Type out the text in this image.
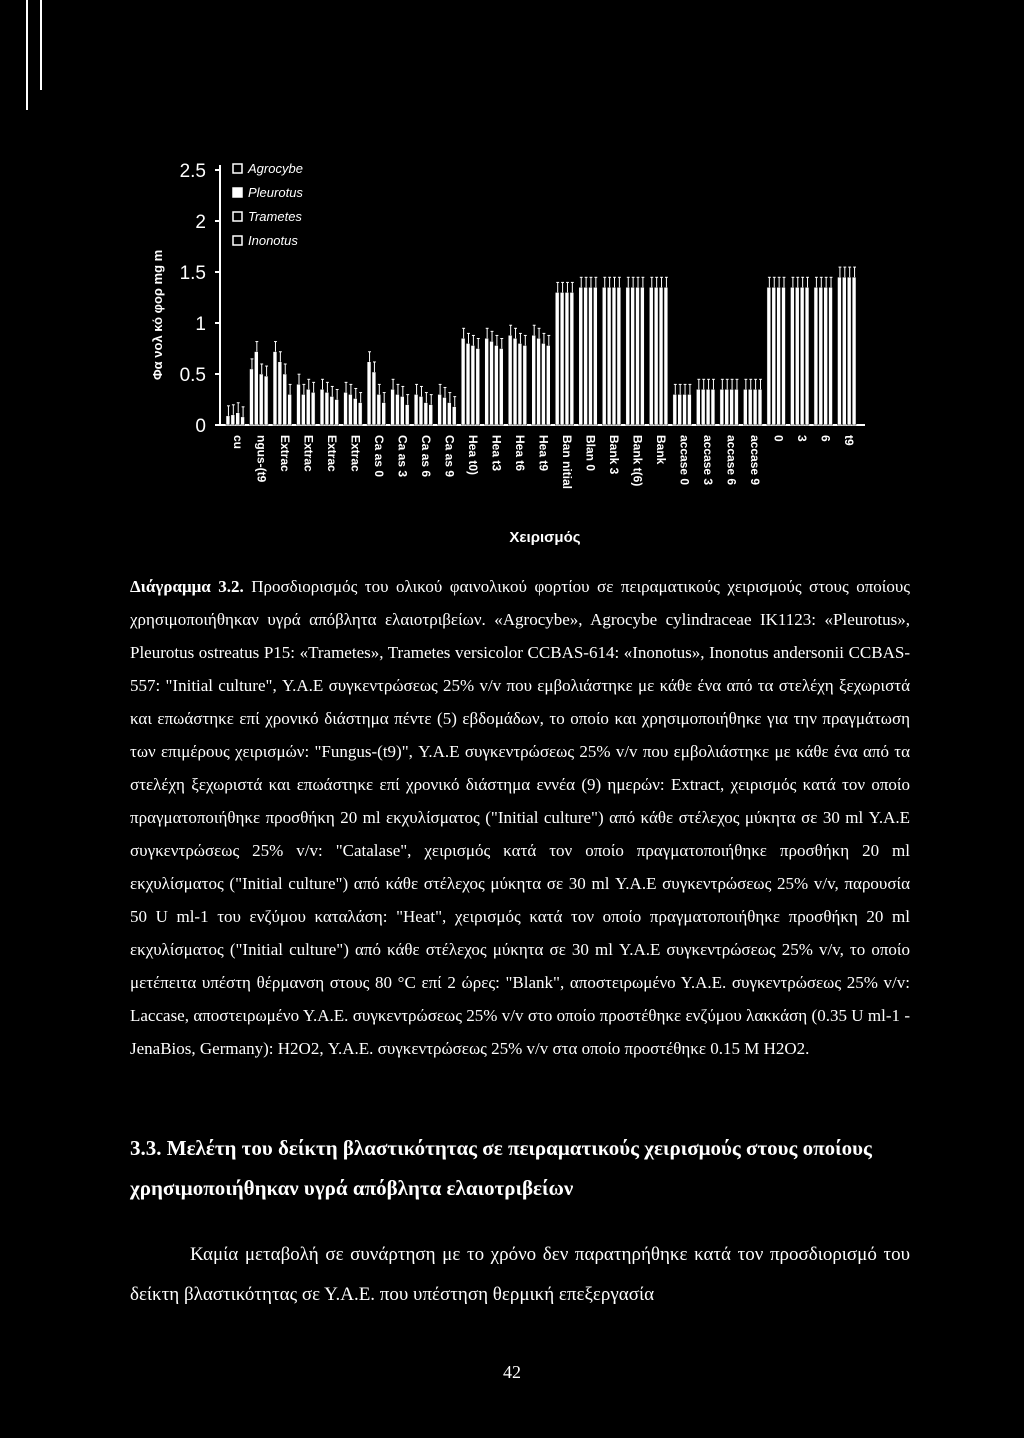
0
0.5
1
1.5
2
2.5
Φα νολ κό φορ mg m
Agrocybe
Pleurotus
Trametes
Inonotus
cu ngus-(t9 Extrac Extrac Extrac Extrac Ca as 0 Ca as 3 Ca as 6 Ca as 9 Hea t0) Hea t3 Hea t6 Hea t9 Ban nitial Blan 0 Bank 3 Bank t(6) Bank accase 0 accase 3 accase 6 accase 9 0 3 6 t9
Χειρισμός
Διάγραμμα 3.2. Προσδιορισμός του ολικού φαινολικού φορτίου σε πειραματικούς χειρισμούς στους οποίους χρησιμοποιήθηκαν υγρά απόβλητα ελαιοτριβείων. «Agrocybe», Agrocybe cylindraceae IK1123: «Pleurotus», Pleurotus ostreatus P15: «Trametes», Trametes versicolor CCBAS-614: «Inonotus», Inonotus andersonii CCBAS-557: "Initial culture", Υ.Α.Ε συγκεντρώσεως 25% v/v που εμβολιάστηκε με κάθε ένα από τα στελέχη ξεχωριστά και επωάστηκε επί χρονικό διάστημα πέντε (5) εβδομάδων, το οποίο και χρησιμοποιήθηκε για την πραγμάτωση των επιμέρους χειρισμών: "Fungus-(t9)", Υ.Α.Ε συγκεντρώσεως 25% v/v που εμβολιάστηκε με κάθε ένα από τα στελέχη ξεχωριστά και επωάστηκε επί χρονικό διάστημα εννέα (9) ημερών: Extract, χειρισμός κατά τον οποίο πραγματοποιήθηκε προσθήκη 20 ml εκχυλίσματος ("Initial culture") από κάθε στέλεχος μύκητα σε 30 ml Υ.Α.Ε συγκεντρώσεως 25% v/v: "Catalase", χειρισμός κατά τον οποίο πραγματοποιήθηκε προσθήκη 20 ml εκχυλίσματος ("Initial culture") από κάθε στέλεχος μύκητα σε 30 ml Υ.Α.Ε συγκεντρώσεως 25% v/v, παρουσία 50 U ml-1 του ενζύμου καταλάση: "Heat", χειρισμός κατά τον οποίο πραγματοποιήθηκε προσθήκη 20 ml εκχυλίσματος ("Initial culture") από κάθε στέλεχος μύκητα σε 30 ml Υ.Α.Ε συγκεντρώσεως 25% v/v, το οποίο μετέπειτα υπέστη θέρμανση στους 80 °C επί 2 ώρες: "Blank", αποστειρωμένο Υ.Α.Ε. συγκεντρώσεως 25% v/v: Laccase, αποστειρωμένο Υ.Α.Ε. συγκεντρώσεως 25% v/v στο οποίο προστέθηκε ενζύμου λακκάση (0.35 U ml-1 - JenaBios, Germany): H2O2, Υ.Α.Ε. συγκεντρώσεως 25% v/v στα οποίο προστέθηκε 0.15 M H2O2.
3.3. Μελέτη του δείκτη βλαστικότητας σε πειραματικούς χειρισμούς στους οποίους χρησιμοποιήθηκαν υγρά απόβλητα ελαιοτριβείων
Καμία μεταβολή σε συνάρτηση με το χρόνο δεν παρατηρήθηκε κατά τον προσδιορισμό του δείκτη βλαστικότητας σε Υ.Α.Ε. που υπέστηση θερμική επεξεργασία
42
